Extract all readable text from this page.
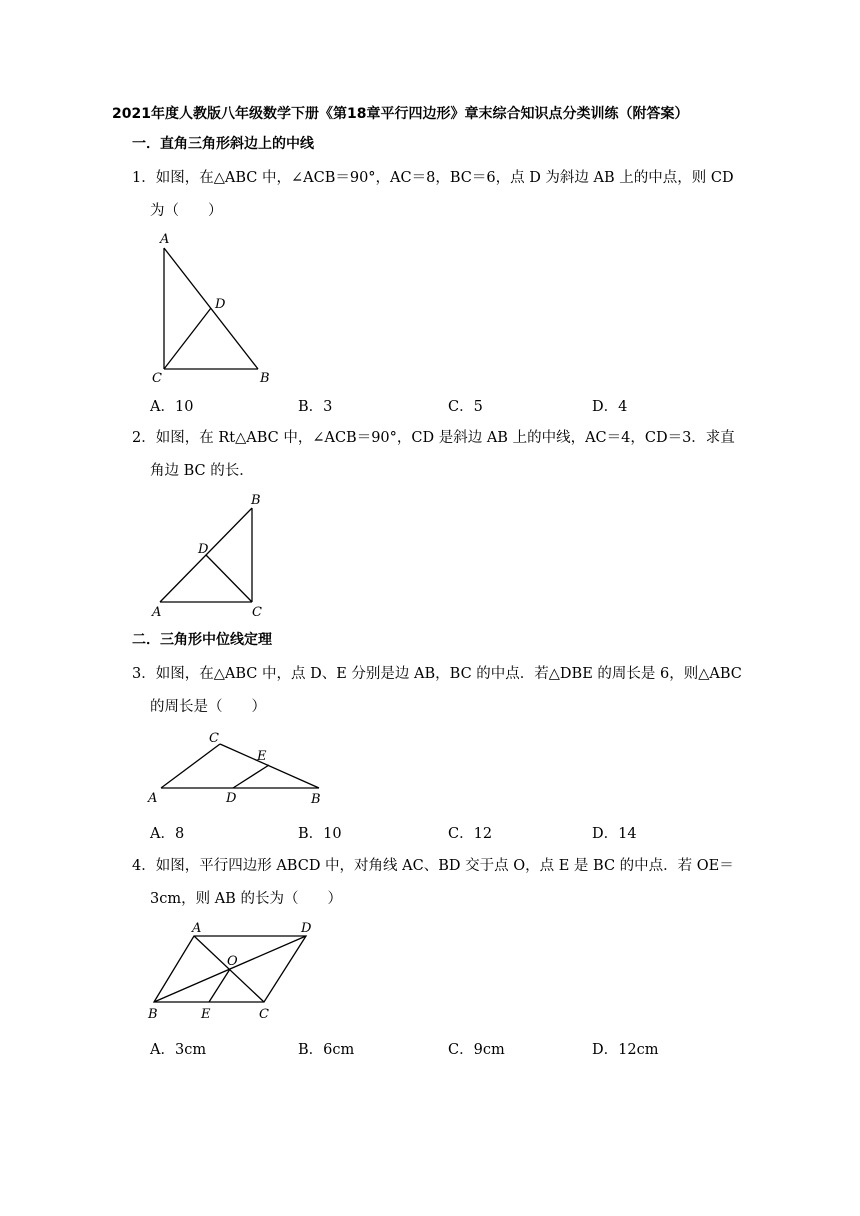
2021年度人教版八年级数学下册《第18章平行四边形》章末综合知识点分类训练（附答案）
一．直角三角形斜边上的中线
1．如图，在△ABC 中，∠ACB＝90°，AC＝8，BC＝6，点 D 为斜边 AB 上的中点，则 CD
为（　　）
A
D
C	B
A．10	B．3	C．5	D．4
2．如图，在 Rt△ABC 中，∠ACB＝90°，CD 是斜边 AB 上的中线，AC＝4，CD＝3．求直
角边 BC 的长．
B
D
A	C
二．三角形中位线定理
3．如图，在△ABC 中，点 D、E 分别是边 AB，BC 的中点．若△DBE 的周长是 6，则△ABC
的周长是（　　）
C
E
A	D	B
A．8	B．10	C．12	D．14
4．如图，平行四边形 ABCD 中，对角线 AC、BD 交于点 O，点 E 是 BC 的中点．若 OE＝
3cm，则 AB 的长为（　　）
A	D
O
B	E	C
A．3cm	B．6cm	C．9cm	D．12cm
